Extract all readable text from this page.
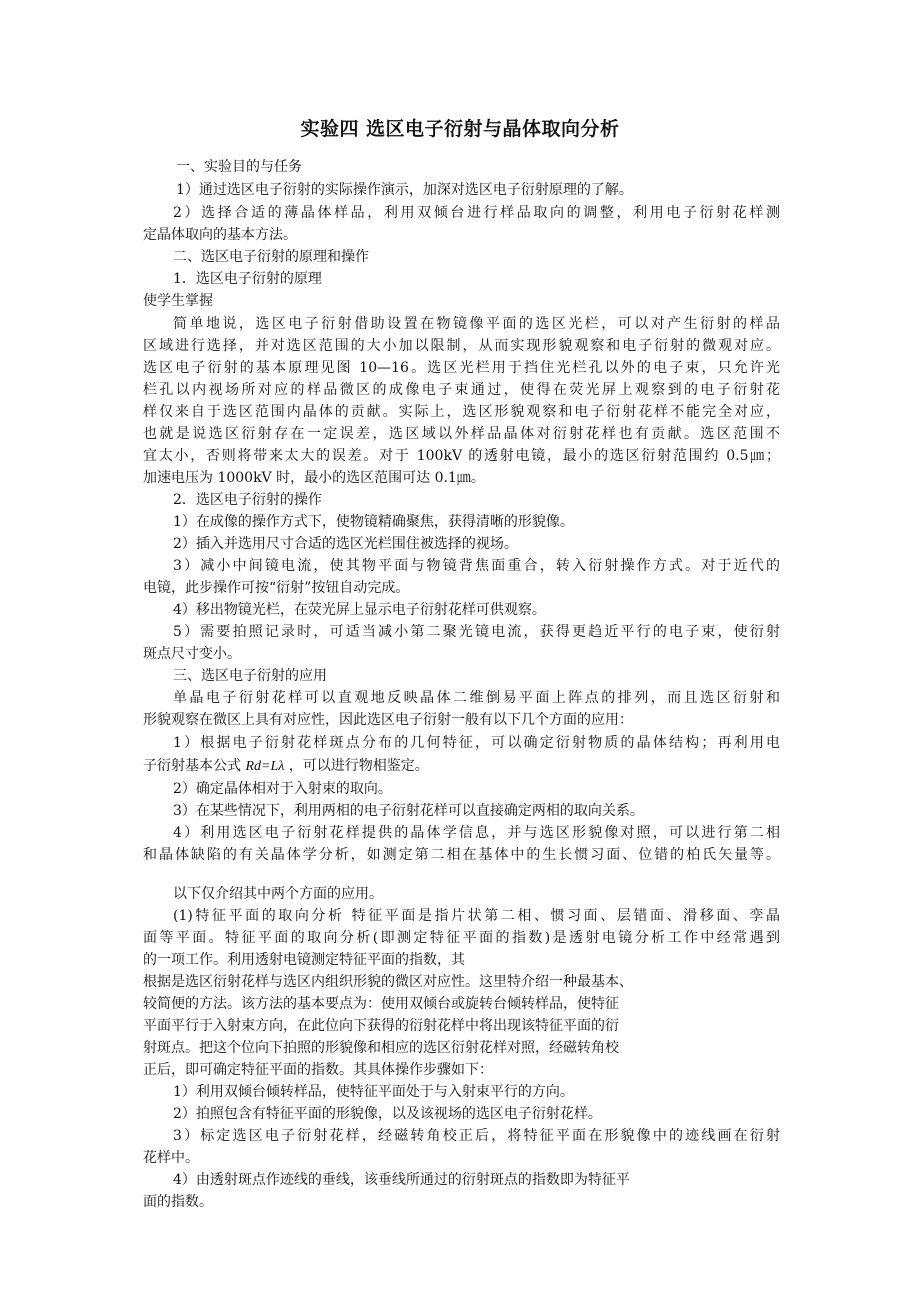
实验四 选区电子衍射与晶体取向分析
一、实验目的与任务
1）通过选区电子衍射的实际操作演示，加深对选区电子衍射原理的了解。
2）选择合适的薄晶体样品，利用双倾台进行样品取向的调整，利用电子衍射花样测
定晶体取向的基本方法。
二、选区电子衍射的原理和操作
1．选区电子衍射的原理
使学生掌握
简单地说，选区电子衍射借助设置在物镜像平面的选区光栏，可以对产生衍射的样品
区域进行选择，并对选区范围的大小加以限制，从而实现形貌观察和电子衍射的微观对应。
选区电子衍射的基本原理见图 10—16。选区光栏用于挡住光栏孔以外的电子束，只允许光
栏孔以内视场所对应的样品微区的成像电子束通过，使得在荧光屏上观察到的电子衍射花
样仅来自于选区范围内晶体的贡献。实际上，选区形貌观察和电子衍射花样不能完全对应，
也就是说选区衍射存在一定误差，选区域以外样品晶体对衍射花样也有贡献。选区范围不
宜太小，否则将带来太大的误差。对于 100kV 的透射电镜，最小的选区衍射范围约 0.5㎛；
加速电压为 1000kV 时，最小的选区范围可达 0.1㎛。
2．选区电子衍射的操作
1）在成像的操作方式下，使物镜精确聚焦，获得清晰的形貌像。
2）插入并选用尺寸合适的选区光栏围住被选择的视场。
3）减小中间镜电流，使其物平面与物镜背焦面重合，转入衍射操作方式。对于近代的
电镜，此步操作可按“衍射”按钮自动完成。
4）移出物镜光栏，在荧光屏上显示电子衍射花样可供观察。
5）需要拍照记录时，可适当减小第二聚光镜电流，获得更趋近平行的电子束，使衍射
斑点尺寸变小。
三、选区电子衍射的应用
单晶电子衍射花样可以直观地反映晶体二维倒易平面上阵点的排列，而且选区衍射和
形貌观察在微区上具有对应性，因此选区电子衍射一般有以下几个方面的应用：
1）根据电子衍射花样斑点分布的几何特征，可以确定衍射物质的晶体结构；再利用电
子衍射基本公式 Rd=Lλ ，可以进行物相鉴定。
2）确定晶体相对于入射束的取向。
3）在某些情况下，利用两相的电子衍射花样可以直接确定两相的取向关系。
4）利用选区电子衍射花样提供的晶体学信息，并与选区形貌像对照，可以进行第二相
和晶体缺陷的有关晶体学分析，如测定第二相在基体中的生长惯习面、位错的柏氏矢量等。
以下仅介绍其中两个方面的应用。
(1)特征平面的取向分析 特征平面是指片状第二相、惯习面、层错面、滑移面、孪晶
面等平面。特征平面的取向分析(即测定特征平面的指数)是透射电镜分析工作中经常遇到
的一项工作。利用透射电镜测定特征平面的指数，其
根据是选区衍射花样与选区内组织形貌的微区对应性。这里特介绍一种最基本、
较简便的方法。该方法的基本要点为：使用双倾台或旋转台倾转样品，使特征
平面平行于入射束方向，在此位向下获得的衍射花样中将出现该特征平面的衍
射斑点。把这个位向下拍照的形貌像和相应的选区衍射花样对照，经磁转角校
正后，即可确定特征平面的指数。其具体操作步骤如下：
1）利用双倾台倾转样品，使特征平面处于与入射束平行的方向。
2）拍照包含有特征平面的形貌像，以及该视场的选区电子衍射花样。
3）标定选区电子衍射花样，经磁转角校正后，将特征平面在形貌像中的迹线画在衍射
花样中。
4）由透射斑点作迹线的垂线，该垂线所通过的衍射斑点的指数即为特征平
面的指数。
